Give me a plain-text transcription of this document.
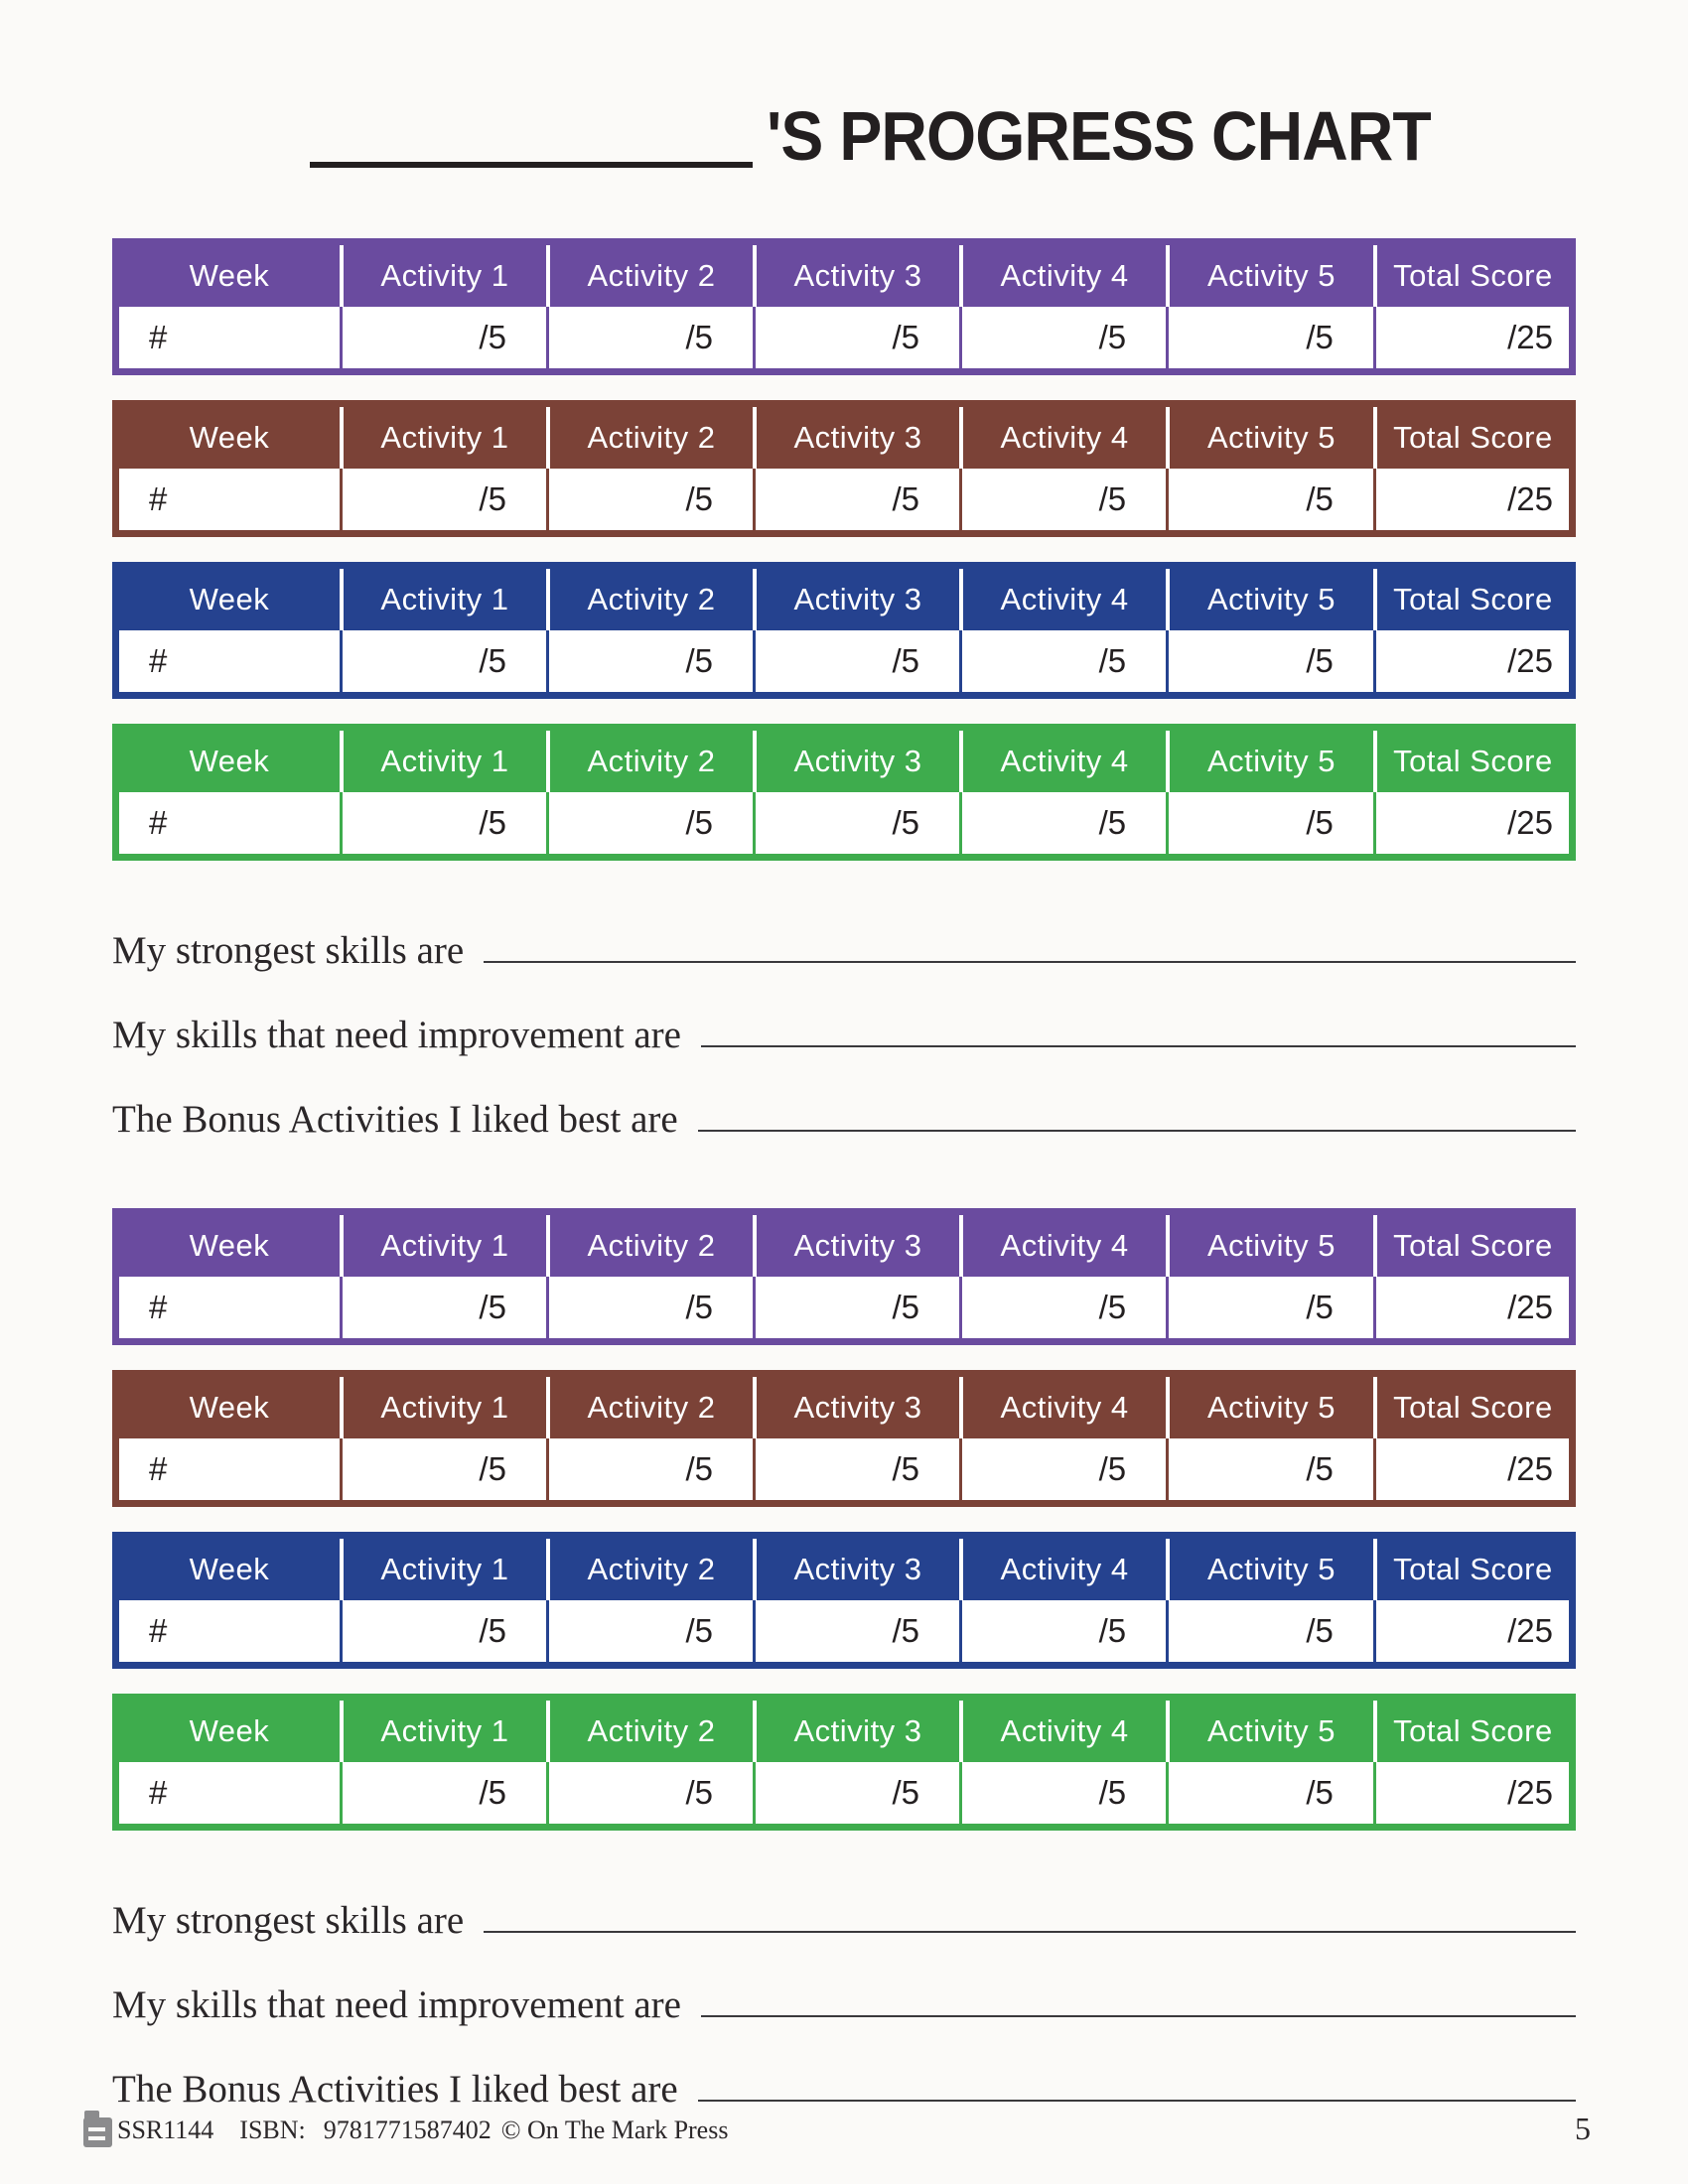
'S PROGRESS CHART
Week	Activity 1	Activity 2	Activity 3	Activity 4	Activity 5	Total Score
#	/5	/5	/5	/5	/5	/25
Week	Activity 1	Activity 2	Activity 3	Activity 4	Activity 5	Total Score
#	/5	/5	/5	/5	/5	/25
Week	Activity 1	Activity 2	Activity 3	Activity 4	Activity 5	Total Score
#	/5	/5	/5	/5	/5	/25
Week	Activity 1	Activity 2	Activity 3	Activity 4	Activity 5	Total Score
#	/5	/5	/5	/5	/5	/25
My strongest skills are
My skills that need improvement are
The Bonus Activities I liked best are
Week	Activity 1	Activity 2	Activity 3	Activity 4	Activity 5	Total Score
#	/5	/5	/5	/5	/5	/25
Week	Activity 1	Activity 2	Activity 3	Activity 4	Activity 5	Total Score
#	/5	/5	/5	/5	/5	/25
Week	Activity 1	Activity 2	Activity 3	Activity 4	Activity 5	Total Score
#	/5	/5	/5	/5	/5	/25
Week	Activity 1	Activity 2	Activity 3	Activity 4	Activity 5	Total Score
#	/5	/5	/5	/5	/5	/25
My strongest skills are
My skills that need improvement are
The Bonus Activities I liked best are
SSR1144 ISBN: 9781771587402 © On The Mark Press	5
